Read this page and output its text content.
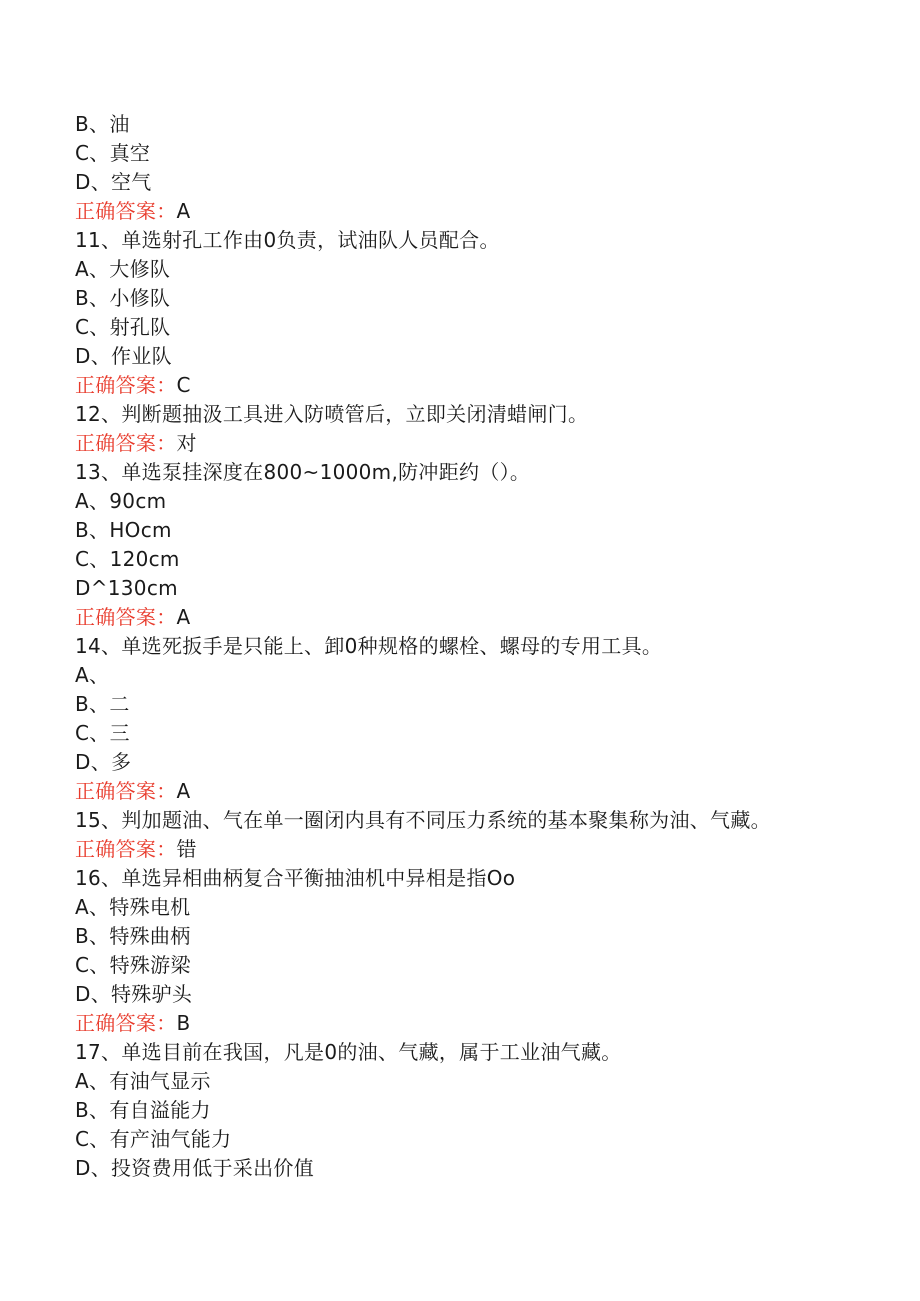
B、油
C、真空
D、空气
正确答案：A
11、单选射孔工作由0负责，试油队人员配合。
A、大修队
B、小修队
C、射孔队
D、作业队
正确答案：C
12、判断题抽汲工具进入防喷管后，立即关闭清蜡闸门。
正确答案：对
13、单选泵挂深度在800~1000m,防冲距约（）。
A、90cm
B、HOcm
C、120cm
D^130cm
正确答案：A
14、单选死扳手是只能上、卸0种规格的螺栓、螺母的专用工具。
A、
B、二
C、三
D、多
正确答案：A
15、判加题油、气在单一圈闭内具有不同压力系统的基本聚集称为油、气藏。
正确答案：错
16、单选异相曲柄复合平衡抽油机中异相是指Oo
A、特殊电机
B、特殊曲柄
C、特殊游梁
D、特殊驴头
正确答案：B
17、单选目前在我国，凡是0的油、气藏，属于工业油气藏。
A、有油气显示
B、有自溢能力
C、有产油气能力
D、投资费用低于采出价值
